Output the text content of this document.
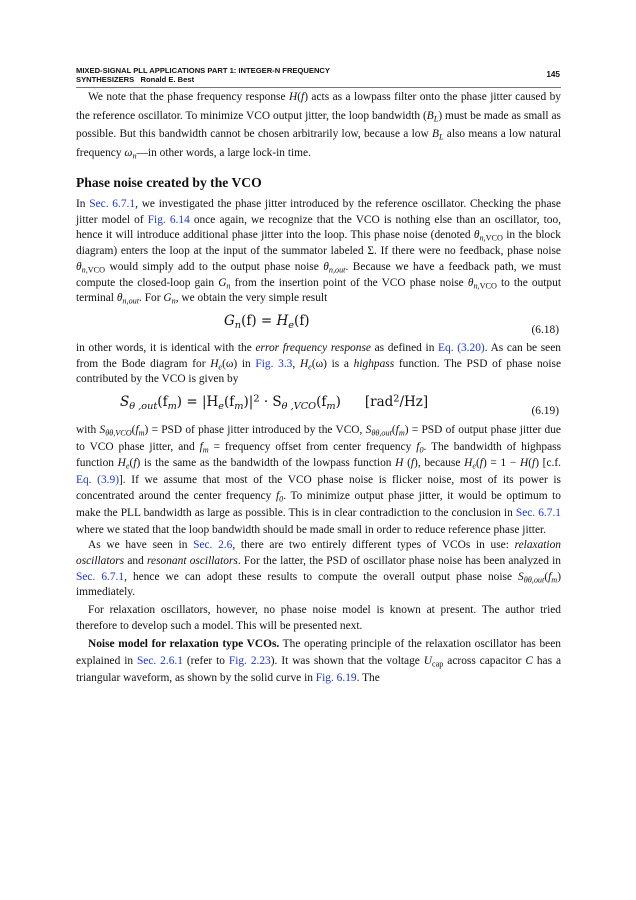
MIXED-SIGNAL PLL APPLICATIONS PART 1: INTEGER-N FREQUENCY
SYNTHESIZERS   Ronald E. Best
145

We note that the phase frequency response H(f) acts as a lowpass filter onto the phase jitter caused by the reference oscillator. To minimize VCO output jitter, the loop bandwidth $(B_L)$ must be made as small as possible. But this bandwidth cannot be chosen arbitrarily low, because a low $B_L$ also means a low natural frequency $\omega_n—in$ other words, a large lock-in time.

Phase noise created by the VCO

In Sec. 6.7.1, we investigated the phase jitter introduced by the reference oscillator. Checking the phase jitter model of Fig. 6.14 once again, we recognize that the VCO is nothing else than an oscillator, too, hence it will introduce additional phase jitter into the loop. This phase noise (denoted $\theta_{n,VCO}$ in the block diagram) enters the loop at the input of the summator labeled Σ. If there were no feedback, phase noise $\theta_{n,VCO}$ would simply add to the output phase noise $\theta_{n,out}$. Because we have a feedback path, we must compute the closed-loop gain $G_n$ from the insertion point of the VCO phase noise $\theta_{n,VCO}$ to the output terminal $\theta_{n,out}$. For $G_n$, we obtain the very simple result

$G_n(f) = H_e(f)$
(6.18)

in other words, it is identical with the error frequency response as defined in Eq. (3.20). As can be seen from the Bode diagram for $H_e(\omega)$ in Fig. 3.3, $H_e(\omega)$ is a highpass function. The PSD of phase noise contributed by the VCO is given by

$S_{\theta ,out}(f_m) = |H_e(f_m)|^2 \cdot S_{\theta ,VCO}(f_m)$ [rad$^2$/Hz]
(6.19)

with $S_{\theta\theta,VCO}(f_m)$ = PSD of phase jitter introduced by the VCO, $S_{\theta\theta,out}(f_m)$ = PSD of output phase jitter due to VCO phase jitter, and $f_m$ = frequency offset from center frequency $f_0$. The bandwidth of highpass function $H_e(f)$ is the same as the bandwidth of the lowpass function H (f), because $H_e(f) = 1 - H(f)$ [c.f. Eq. (3.9)]. If we assume that most of the VCO phase noise is flicker noise, most of its power is concentrated around the center frequency $f_0$. To minimize output phase jitter, it would be optimum to make the PLL bandwidth as large as possible. This is in clear contradiction to the conclusion in Sec. 6.7.1 where we stated that the loop bandwidth should be made small in order to reduce reference phase jitter.

As we have seen in Sec. 2.6, there are two entirely different types of VCOs in use: relaxation oscillators and resonant oscillators. For the latter, the PSD of oscillator phase noise has been analyzed in Sec. 6.7.1, hence we can adopt these results to compute the overall output phase noise $S_{\theta\theta,out}(f_m)$ immediately.

For relaxation oscillators, however, no phase noise model is known at present. The author tried therefore to develop such a model. This will be presented next.

Noise model for relaxation type VCOs. The operating principle of the relaxation oscillator has been explained in Sec. 2.6.1 (refer to Fig. 2.23). It was shown that the voltage $U_{cap}$ across capacitor C has a triangular waveform, as shown by the solid curve in Fig. 6.19. The
